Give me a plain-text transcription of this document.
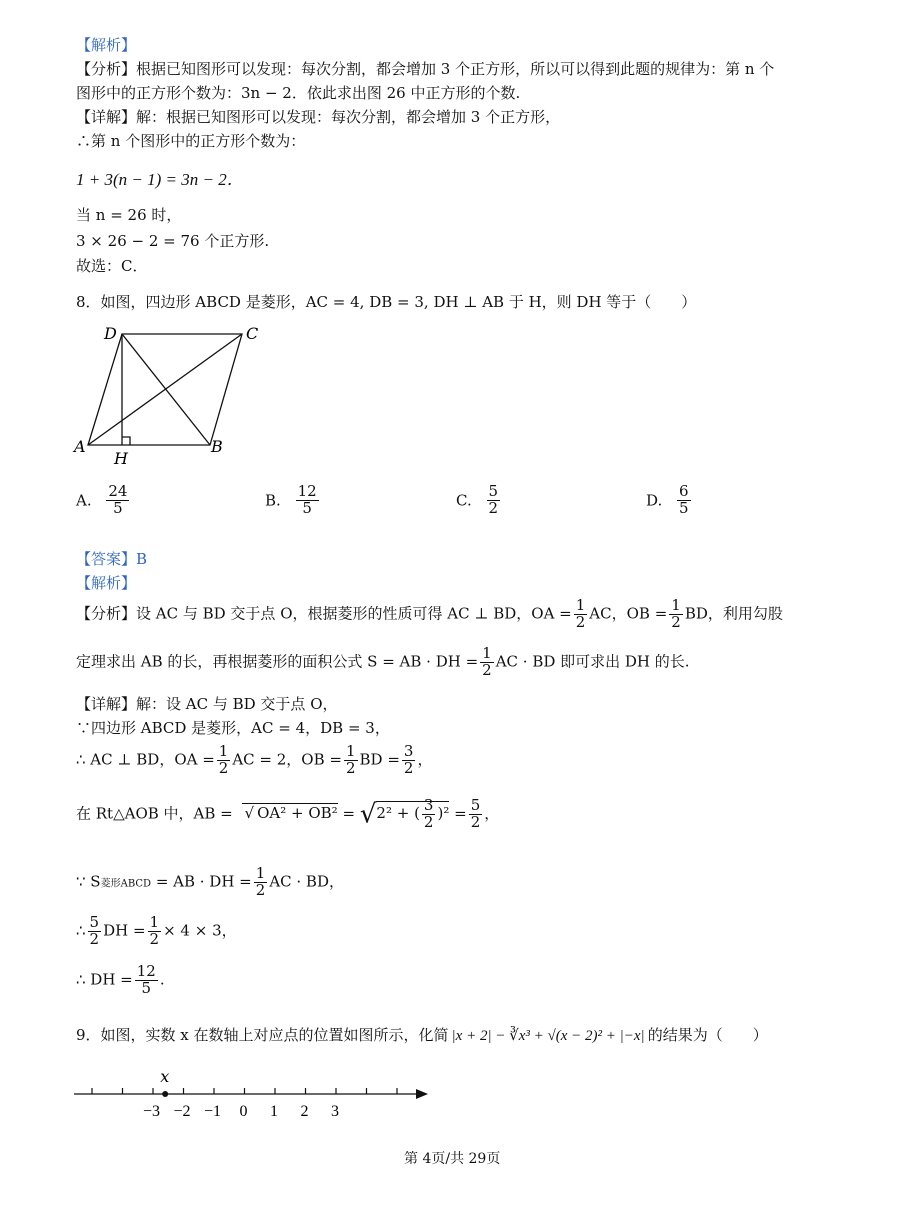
【解析】
【分析】根据已知图形可以发现：每次分割，都会增加 3 个正方形，所以可以得到此题的规律为：第 n 个
图形中的正方形个数为：3n − 2．依此求出图 26 中正方形的个数.
【详解】解：根据已知图形可以发现：每次分割，都会增加 3 个正方形，
∴第 n 个图形中的正方形个数为：
1 + 3(n − 1) = 3n − 2．
当 n = 26 时，
3 × 26 − 2 = 76 个正方形.
故选：C．
8．如图，四边形 ABCD 是菱形，AC = 4, DB = 3, DH ⊥ AB 于 H，则 DH 等于（　　）
D	C
A	B
H
A. $\frac{24}{5}$	B. $\frac{12}{5}$	C. $\frac{5}{2}$	D. $\frac{6}{5}$
【答案】B
【解析】
【分析】设 AC 与 BD 交于点 O，根据菱形的性质可得 AC ⊥ BD，OA = $\frac{1}{2}$ AC，OB = $\frac{1}{2}$ BD，利用勾股
定理求出 AB 的长，再根据菱形的面积公式 S = AB · DH = $\frac{1}{2}$ AC · BD 即可求出 DH 的长.
【详解】解：设 AC 与 BD 交于点 O，
∵四边形 ABCD 是菱形，AC = 4，DB = 3，
∴ AC ⊥ BD，OA = $\frac{1}{2}$ AC = 2，OB = $\frac{1}{2}$ BD = $\frac{3}{2}$ ，
在 Rt△AOB 中，AB = √ OA² + OB² = √2² + ( $\frac{3}{2} )^2 = \frac{5}{2}$ ，
∵ S菱形ABCD = AB · DH = $\frac{1}{2}$ AC · BD，
∴ $\frac{5}{2}$ DH = $\frac{1}{2} \times 4 \times 3$，
∴ DH = $\frac{12}{5}$ .
9．如图，实数 x 在数轴上对应点的位置如图所示，化简 |x + 2| − ∛x³ + √(x − 2)² + |−x| 的结果为（　　）
−3 −2 −1 0 1 2 3
x
第 4页/共 29页
